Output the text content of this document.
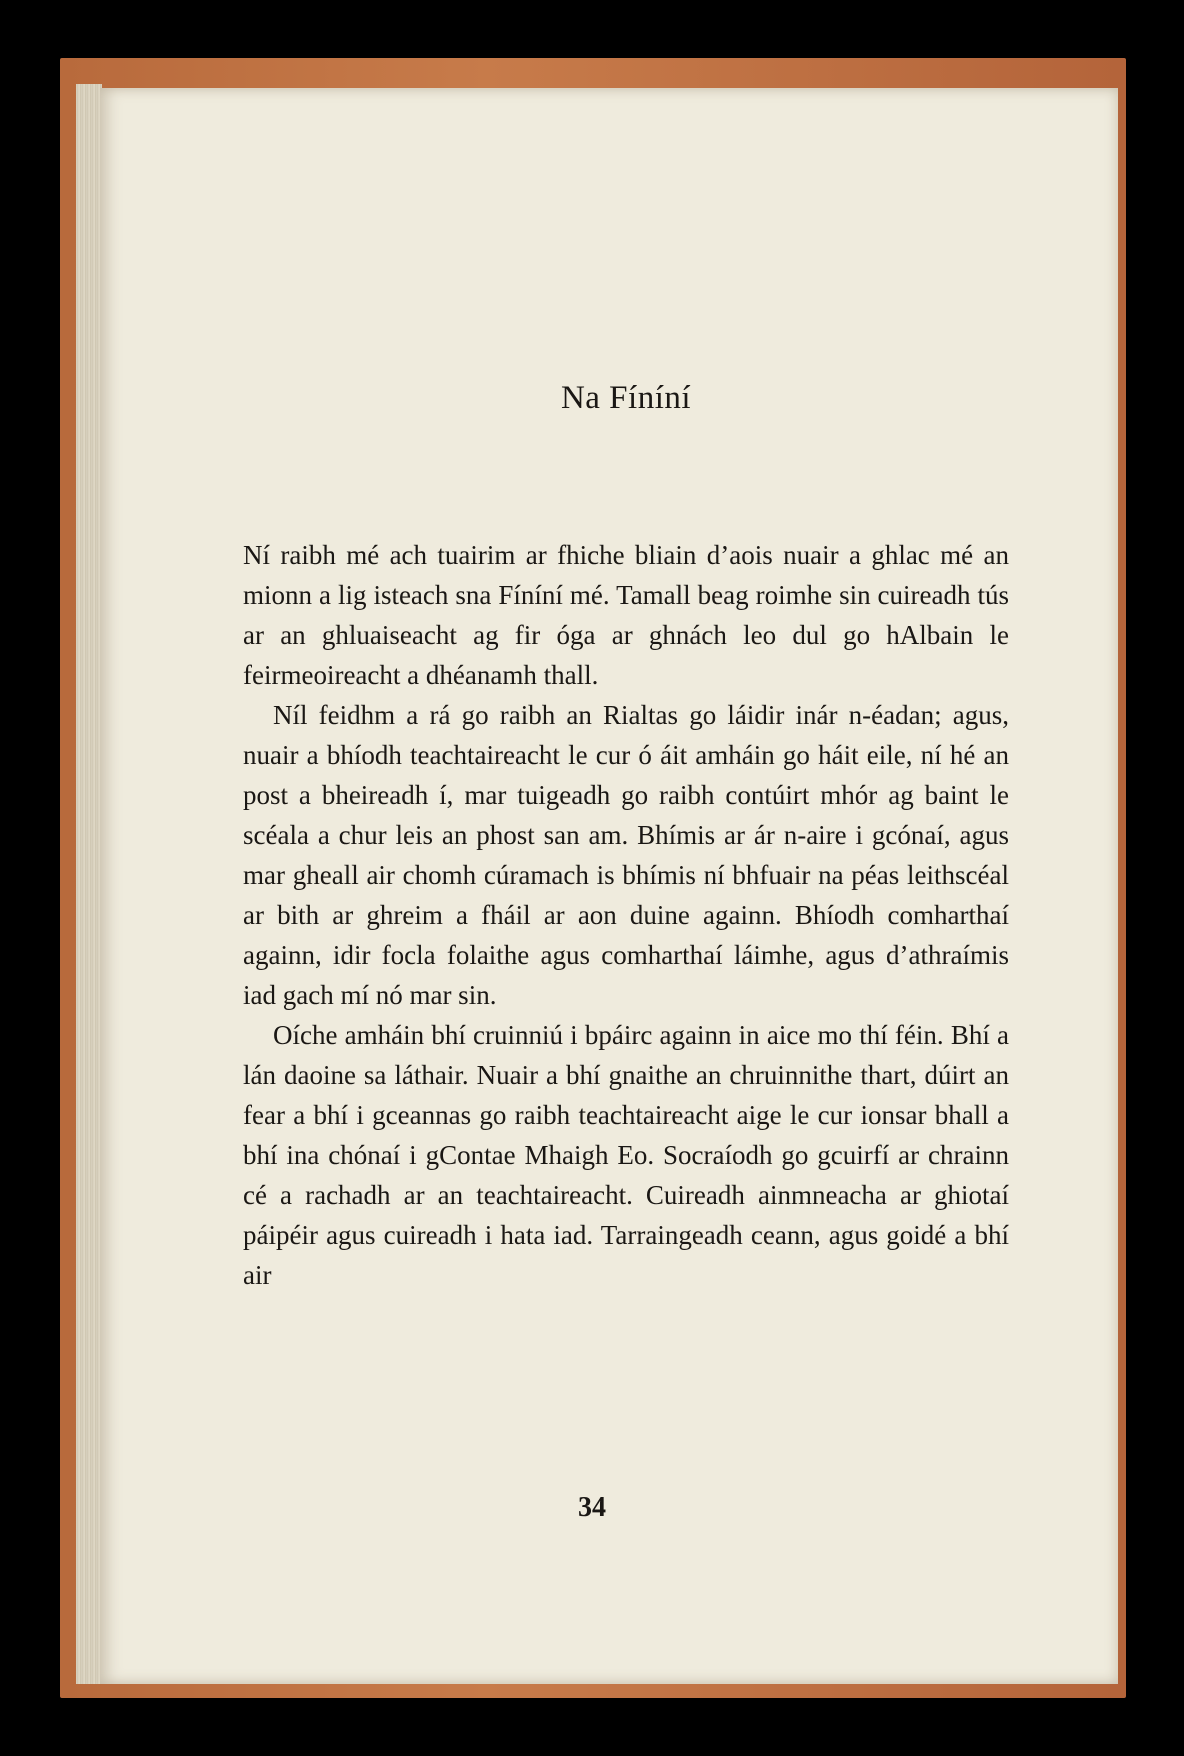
Na Fíníní

Ní raibh mé ach tuairim ar fhiche bliain d’aois nuair a ghlac mé an mionn a lig isteach sna Fíníní mé. Tamall beag roimhe sin cuireadh tús ar an ghluaiseacht ag fir óga ar ghnách leo dul go hAlbain le feirmeoireacht a dhéanamh thall.

Níl feidhm a rá go raibh an Rialtas go láidir inár n-éadan; agus, nuair a bhíodh teachtaireacht le cur ó áit amháin go háit eile, ní hé an post a bheireadh í, mar tuigeadh go raibh contúirt mhór ag baint le scéala a chur leis an phost san am. Bhímis ar ár n-aire i gcónaí, agus mar gheall air chomh cúramach is bhímis ní bhfuair na péas leithscéal ar bith ar ghreim a fháil ar aon duine againn. Bhíodh comharthaí againn, idir focla folaithe agus comharthaí láimhe, agus d’athraímis iad gach mí nó mar sin.

Oíche amháin bhí cruinniú i bpáirc againn in aice mo thí féin. Bhí a lán daoine sa láthair. Nuair a bhí gnaithe an chruinnithe thart, dúirt an fear a bhí i gceannas go raibh teachtaireacht aige le cur ionsar bhall a bhí ina chónaí i gContae Mhaigh Eo. Socraíodh go gcuirfí ar chrainn cé a rachadh ar an teachtaireacht. Cuireadh ainmneacha ar ghiotaí páipéir agus cuireadh i hata iad. Tarraingeadh ceann, agus goidé a bhí air

34
